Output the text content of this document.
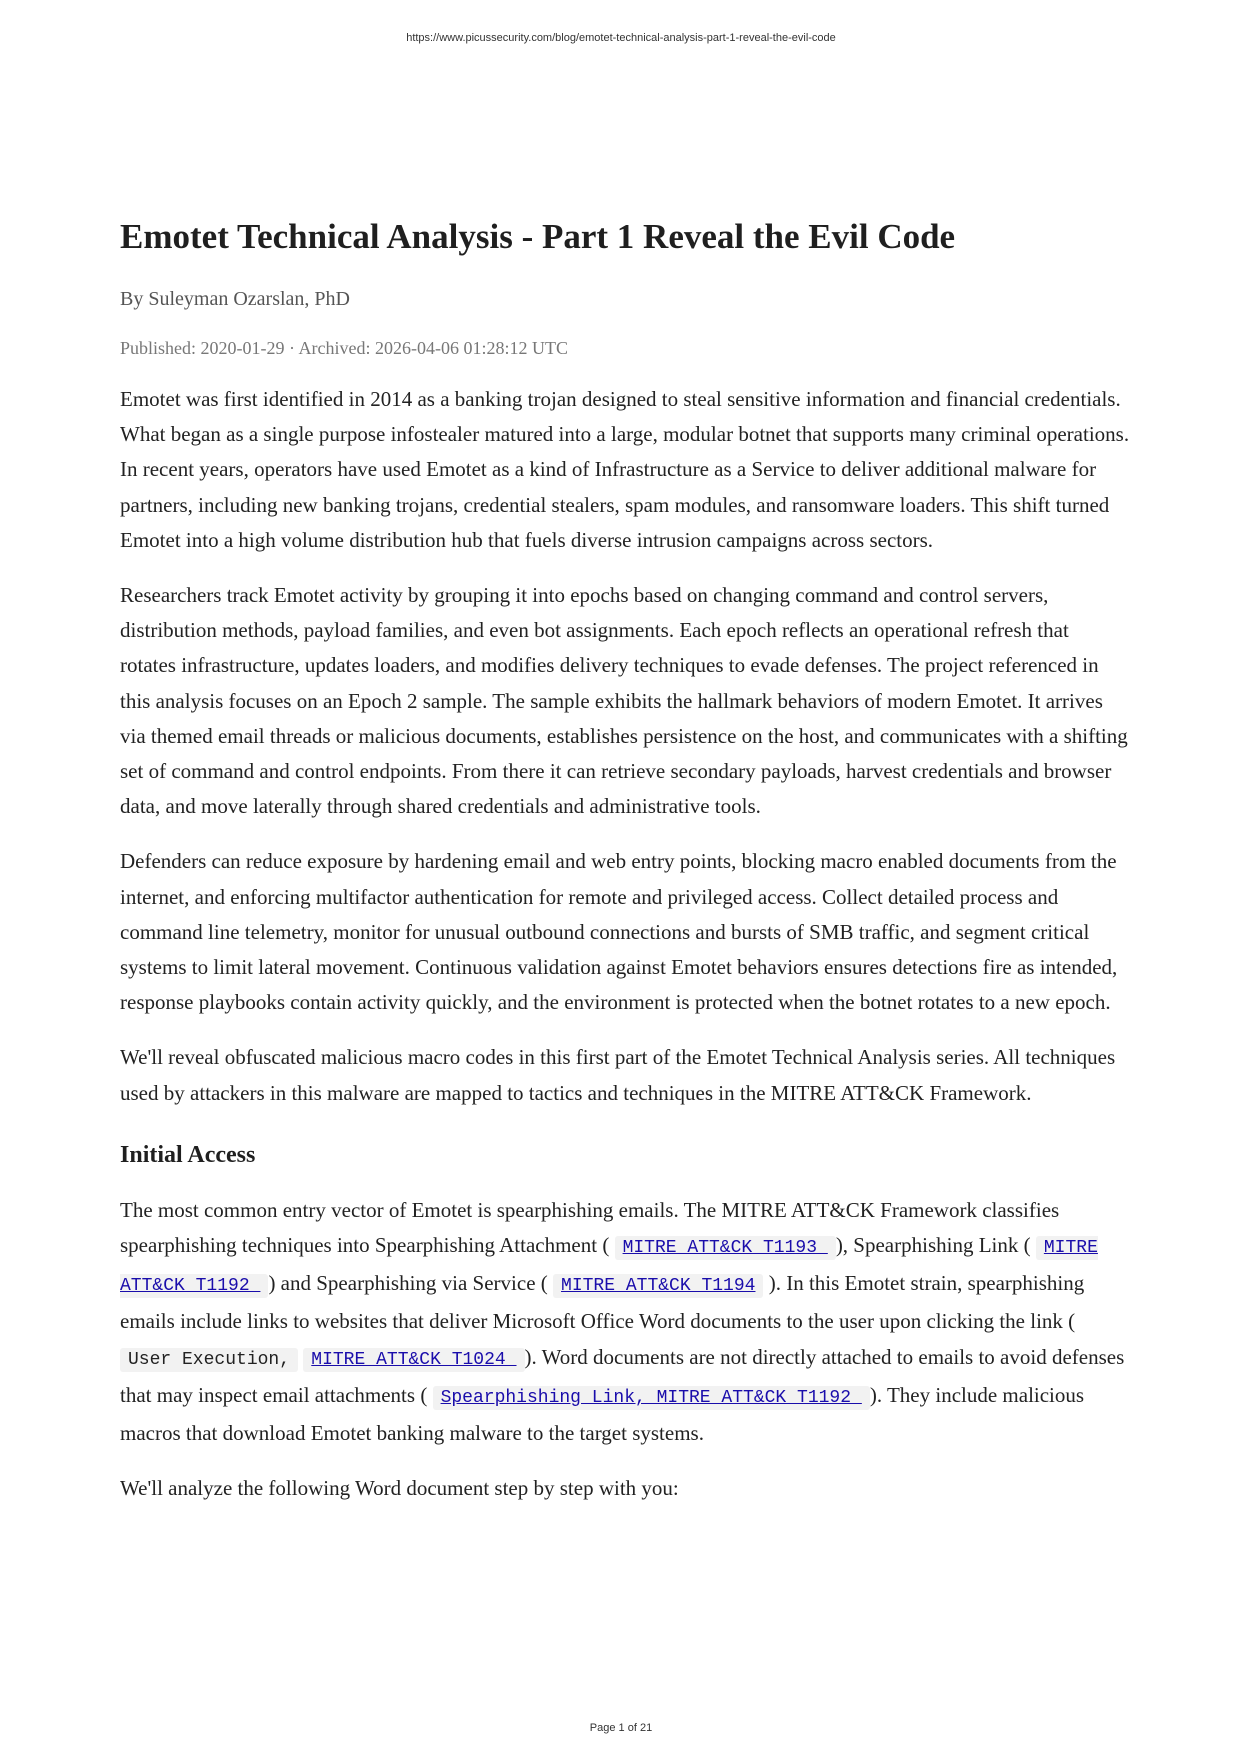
https://www.picussecurity.com/blog/emotet-technical-analysis-part-1-reveal-the-evil-code
Emotet Technical Analysis - Part 1 Reveal the Evil Code
By Suleyman Ozarslan, PhD
Published: 2020-01-29 · Archived: 2026-04-06 01:28:12 UTC

Emotet was first identified in 2014 as a banking trojan designed to steal sensitive information and financial credentials. What began as a single purpose infostealer matured into a large, modular botnet that supports many criminal operations. In recent years, operators have used Emotet as a kind of Infrastructure as a Service to deliver additional malware for partners, including new banking trojans, credential stealers, spam modules, and ransomware loaders. This shift turned Emotet into a high volume distribution hub that fuels diverse intrusion campaigns across sectors.

Researchers track Emotet activity by grouping it into epochs based on changing command and control servers, distribution methods, payload families, and even bot assignments. Each epoch reflects an operational refresh that rotates infrastructure, updates loaders, and modifies delivery techniques to evade defenses. The project referenced in this analysis focuses on an Epoch 2 sample. The sample exhibits the hallmark behaviors of modern Emotet. It arrives via themed email threads or malicious documents, establishes persistence on the host, and communicates with a shifting set of command and control endpoints. From there it can retrieve secondary payloads, harvest credentials and browser data, and move laterally through shared credentials and administrative tools.

Defenders can reduce exposure by hardening email and web entry points, blocking macro enabled documents from the internet, and enforcing multifactor authentication for remote and privileged access. Collect detailed process and command line telemetry, monitor for unusual outbound connections and bursts of SMB traffic, and segment critical systems to limit lateral movement. Continuous validation against Emotet behaviors ensures detections fire as intended, response playbooks contain activity quickly, and the environment is protected when the botnet rotates to a new epoch.

We'll reveal obfuscated malicious macro codes in this first part of the Emotet Technical Analysis series. All techniques used by attackers in this malware are mapped to tactics and techniques in the MITRE ATT&CK Framework.

Initial Access

The most common entry vector of Emotet is spearphishing emails. The MITRE ATT&CK Framework classifies spearphishing techniques into Spearphishing Attachment ( MITRE ATT&CK T1193 ), Spearphishing Link ( MITRE ATT&CK T1192 ) and Spearphishing via Service ( MITRE ATT&CK T1194 ). In this Emotet strain, spearphishing emails include links to websites that deliver Microsoft Office Word documents to the user upon clicking the link ( User Execution, MITRE ATT&CK T1024 ). Word documents are not directly attached to emails to avoid defenses that may inspect email attachments ( Spearphishing Link, MITRE ATT&CK T1192 ). They include malicious macros that download Emotet banking malware to the target systems.

We'll analyze the following Word document step by step with you:

Page 1 of 21
